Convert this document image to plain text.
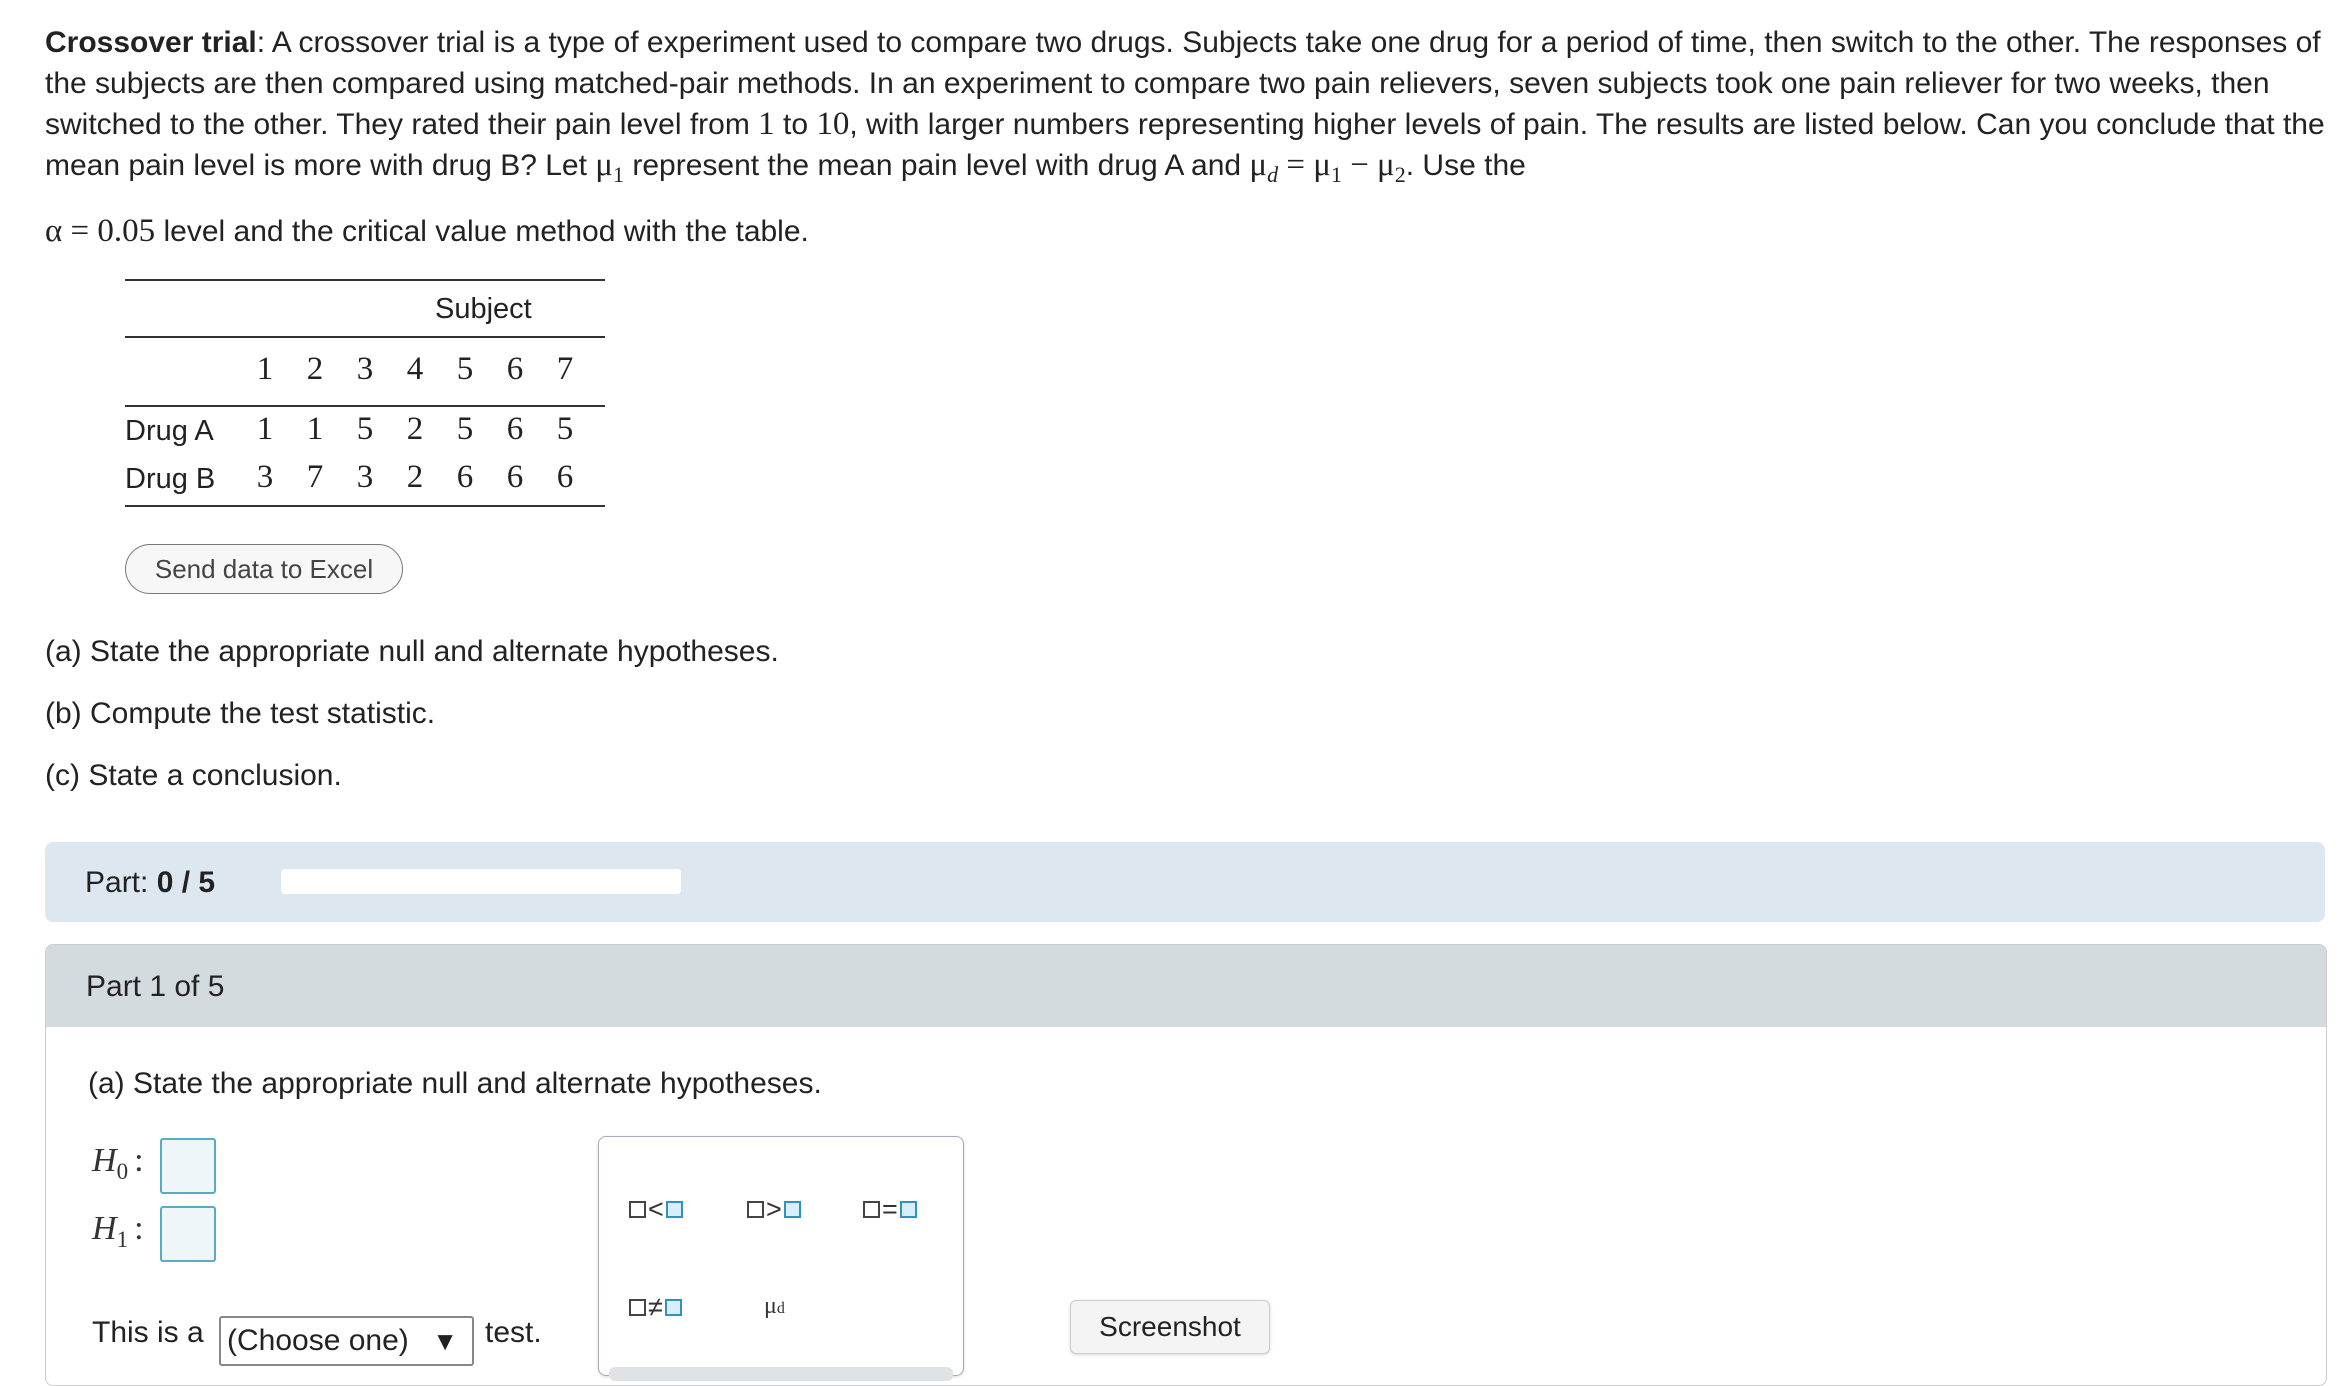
Crossover trial: A crossover trial is a type of experiment used to compare two drugs. Subjects take one drug for a period of time, then switch to the other. The responses of the subjects are then compared using matched-pair methods. In an experiment to compare two pain relievers, seven subjects took one pain reliever for two weeks, then switched to the other. They rated their pain level from 1 to 10, with larger numbers representing higher levels of pain. The results are listed below. Can you conclude that the mean pain level is more with drug B? Let $\mu_1$ represent the mean pain level with drug A and $\mu_d = \mu_1 - \mu_2$. Use the

α = 0.05 level and the critical value method with the table.

Subject
1 2 3 4 5 6 7
Drug A 1 1 5 2 5 6 5
Drug B 3 7 3 2 6 6 6
Send data to Excel
(a) State the appropriate null and alternate hypotheses.
(b) Compute the test statistic.
(c) State a conclusion.
Part: 0 / 5
Part 1 of 5
(a) State the appropriate null and alternate hypotheses.
$H_0$ :
$H_1$ :
This is a (Choose one) ▼ test.
<	>	=
≠	μd
Screenshot
